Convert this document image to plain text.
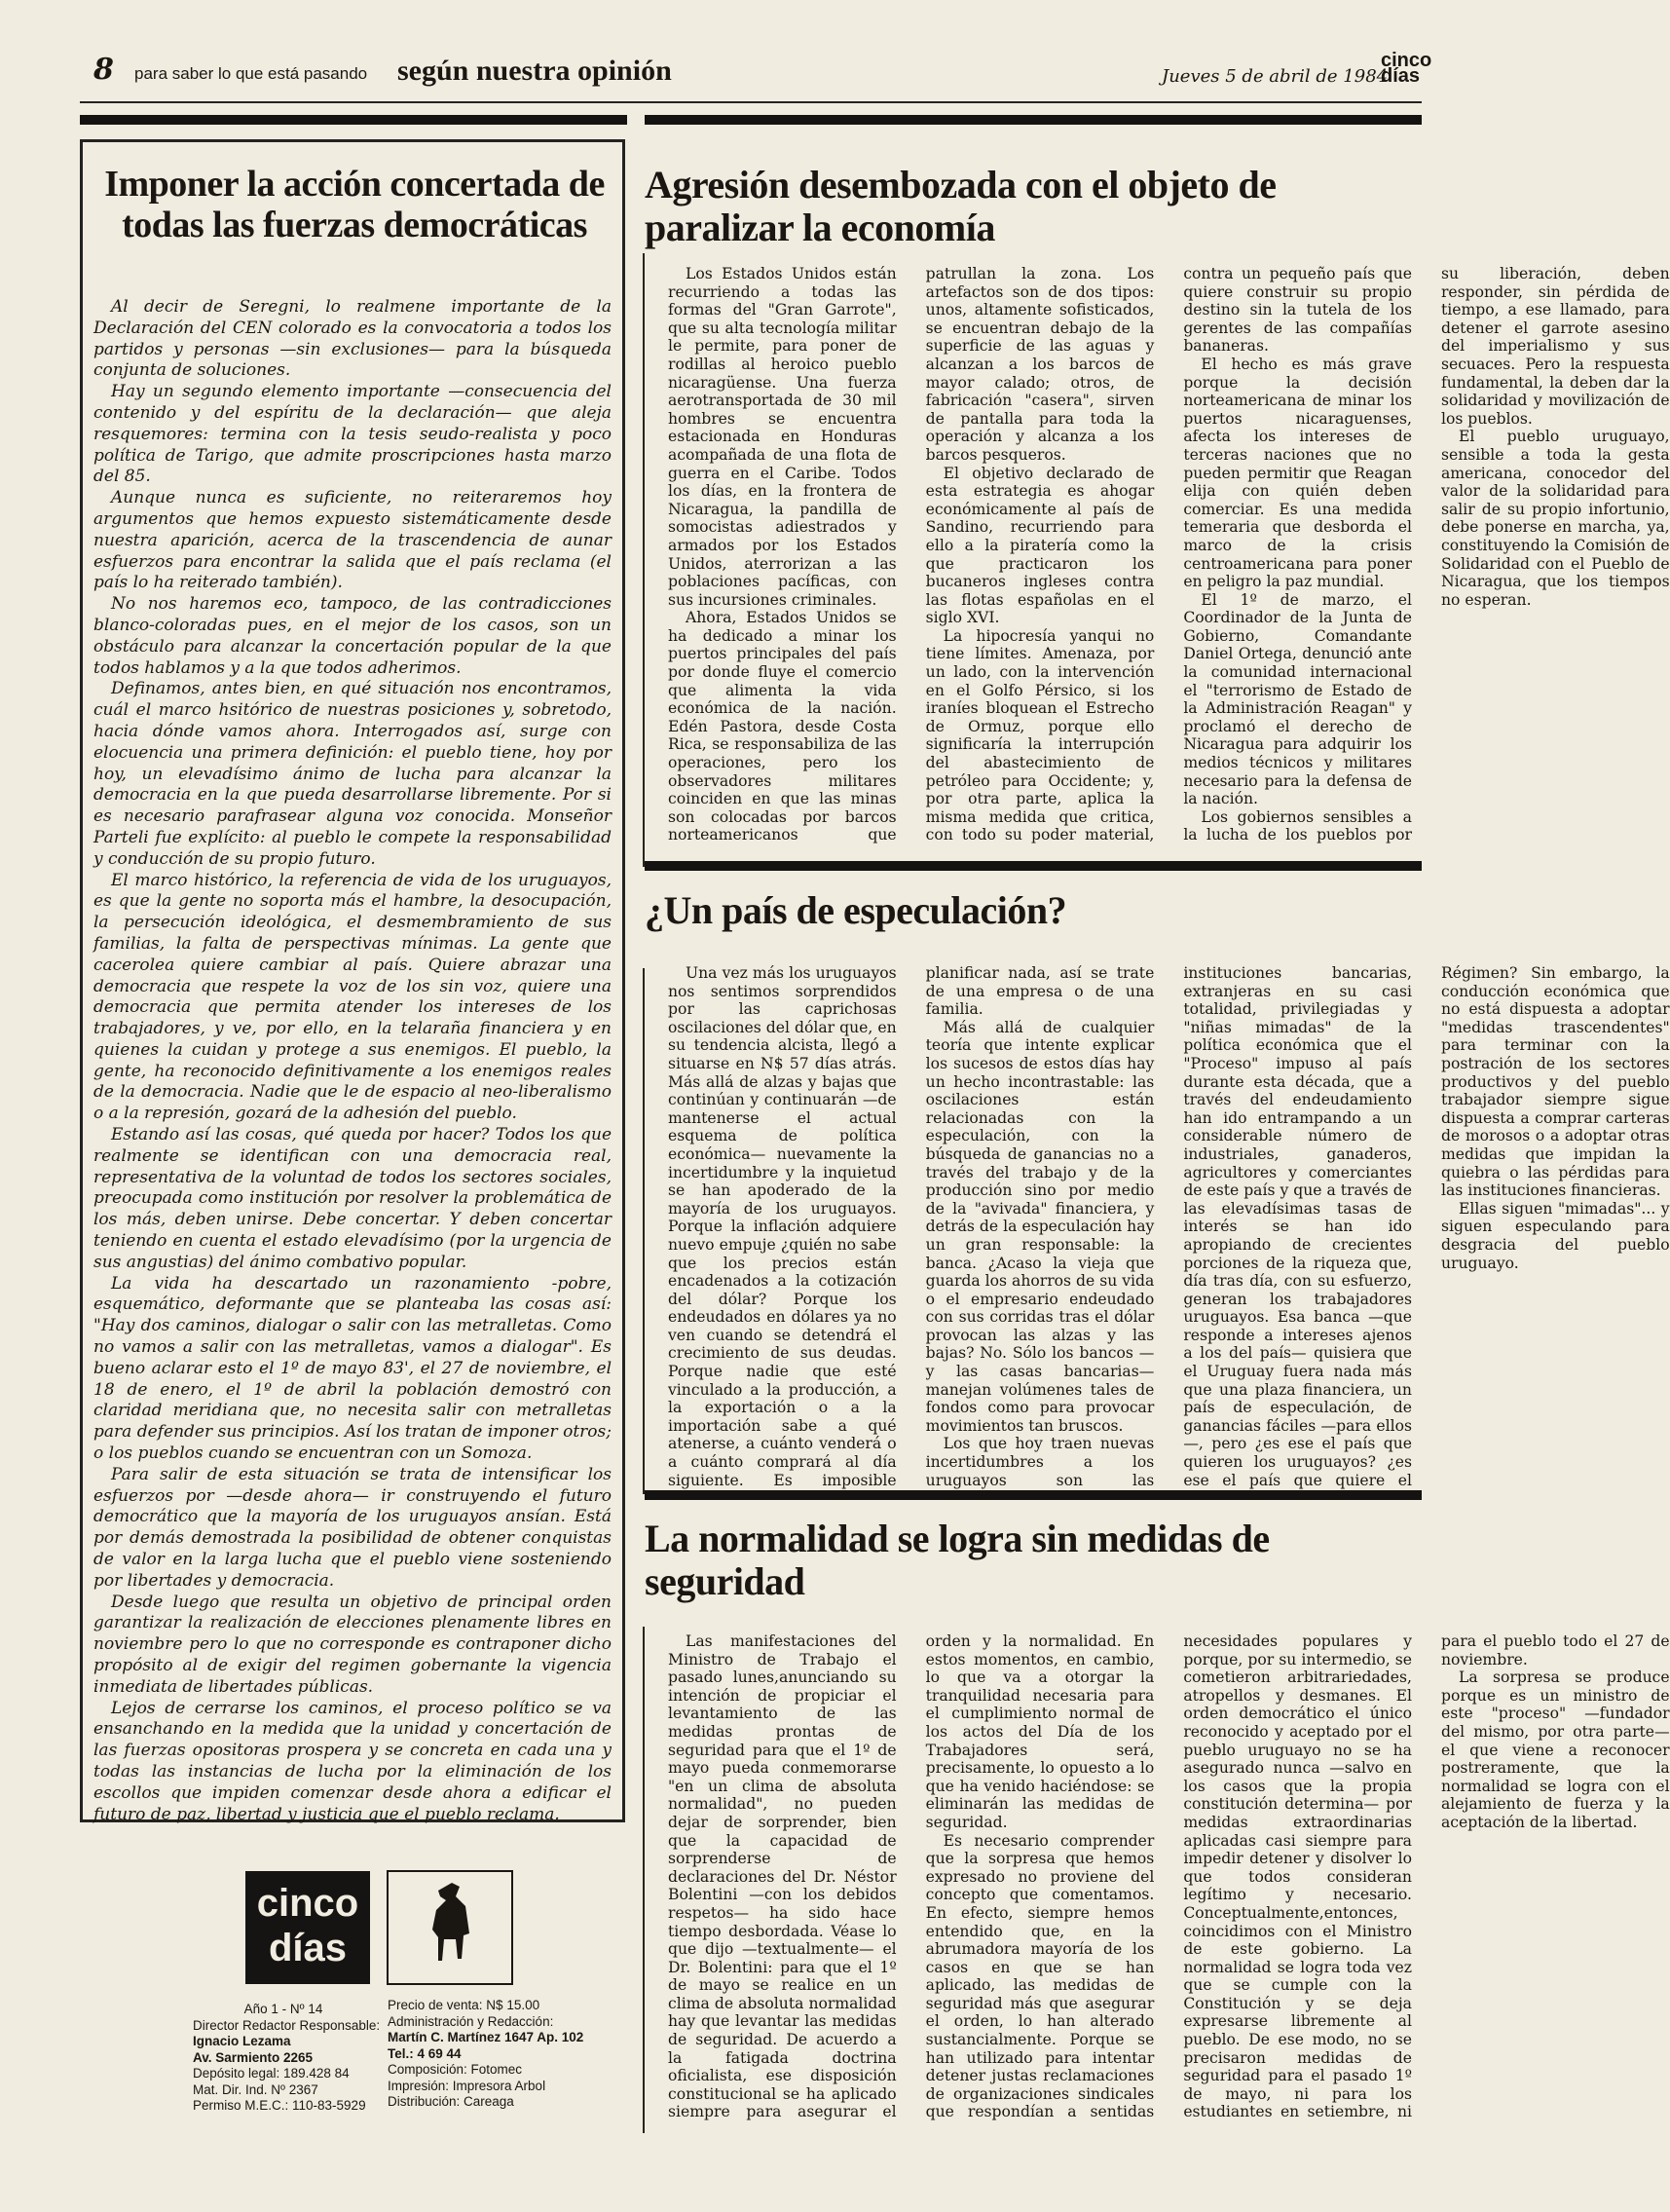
8 para saber lo que está pasando según nuestra opinión	Jueves 5 de abril de 1984
cinco días
Imponer la acción concertada de todas las fuerzas democráticas

Al decir de Seregni, lo realmene importante de la Declaración del CEN colorado es la convocatoria a todos los partidos y personas —sin exclusiones— para la búsqueda conjunta de soluciones.

Hay un segundo elemento importante —consecuencia del contenido y del espíritu de la declaración— que aleja resquemores: termina con la tesis seudo-realista y poco política de Tarigo, que admite proscripciones hasta marzo del 85.

Aunque nunca es suficiente, no reiteraremos hoy argumentos que hemos expuesto sistemáticamente desde nuestra aparición, acerca de la trascendencia de aunar esfuerzos para encontrar la salida que el país reclama (el país lo ha reiterado también).

No nos haremos eco, tampoco, de las contradicciones blanco-coloradas pues, en el mejor de los casos, son un obstáculo para alcanzar la concertación popular de la que todos hablamos y a la que todos adherimos.

Definamos, antes bien, en qué situación nos encontramos, cuál el marco hsitórico de nuestras posiciones y, sobretodo, hacia dónde vamos ahora. Interrogados así, surge con elocuencia una primera definición: el pueblo tiene, hoy por hoy, un elevadísimo ánimo de lucha para alcanzar la democracia en la que pueda desarrollarse libremente. Por si es necesario parafrasear alguna voz conocida. Monseñor Parteli fue explícito: al pueblo le compete la responsabilidad y conducción de su propio futuro.

El marco histórico, la referencia de vida de los uruguayos, es que la gente no soporta más el hambre, la desocupación, la persecución ideológica, el desmembramiento de sus familias, la falta de perspectivas mínimas. La gente que cacerolea quiere cambiar al país. Quiere abrazar una democracia que respete la voz de los sin voz, quiere una democracia que permita atender los intereses de los trabajadores, y ve, por ello, en la telaraña financiera y en quienes la cuidan y protege a sus enemigos. El pueblo, la gente, ha reconocido definitivamente a los enemigos reales de la democracia. Nadie que le de espacio al neo-liberalismo o a la represión, gozará de la adhesión del pueblo.

Estando así las cosas, qué queda por hacer? Todos los que realmente se identifican con una democracia real, representativa de la voluntad de todos los sectores sociales, preocupada como institución por resolver la problemática de los más, deben unirse. Debe concertar. Y deben concertar teniendo en cuenta el estado elevadísimo (por la urgencia de sus angustias) del ánimo combativo popular.

La vida ha descartado un razonamiento -pobre, esquemático, deformante que se planteaba las cosas así: "Hay dos caminos, dialogar o salir con las metralletas. Como no vamos a salir con las metralletas, vamos a dialogar". Es bueno aclarar esto el 1º de mayo 83', el 27 de noviembre, el 18 de enero, el 1º de abril la población demostró con claridad meridiana que, no necesita salir con metralletas para defender sus principios. Así los tratan de imponer otros; o los pueblos cuando se encuentran con un Somoza.

Para salir de esta situación se trata de intensificar los esfuerzos por —desde ahora— ir construyendo el futuro democrático que la mayoría de los uruguayos ansían. Está por demás demostrada la posibilidad de obtener conquistas de valor en la larga lucha que el pueblo viene sosteniendo por libertades y democracia.

Desde luego que resulta un objetivo de principal orden garantizar la realización de elecciones plenamente libres en noviembre pero lo que no corresponde es contraponer dicho propósito al de exigir del regimen gobernante la vigencia inmediata de libertades públicas.

Lejos de cerrarse los caminos, el proceso político se va ensanchando en la medida que la unidad y concertación de las fuerzas opositoras prospera y se concreta en cada una y todas las instancias de lucha por la eliminación de los escollos que impiden comenzar desde ahora a edificar el futuro de paz, libertad y justicia que el pueblo reclama.

Agresión desembozada con el objeto de paralizar la economía

Los Estados Unidos están recurriendo a todas las formas del "Gran Garrote", que su alta tecnología militar le permite, para poner de rodillas al heroico pueblo nicaragüense. Una fuerza aerotransportada de 30 mil hombres se encuentra estacionada en Honduras acompañada de una flota de guerra en el Caribe. Todos los días, en la frontera de Nicaragua, la pandilla de somocistas adiestrados y armados por los Estados Unidos, aterrorizan a las poblaciones pacíficas, con sus incursiones criminales.

Ahora, Estados Unidos se ha dedicado a minar los puertos principales del país por donde fluye el comercio que alimenta la vida económica de la nación. Edén Pastora, desde Costa Rica, se responsabiliza de las operaciones, pero los observadores militares coinciden en que las minas son colocadas por barcos norteamericanos que patrullan la zona. Los artefactos son de dos tipos: unos, altamente sofisticados, se encuentran debajo de la superficie de las aguas y alcanzan a los barcos de mayor calado; otros, de fabricación "casera", sirven de pantalla para toda la operación y alcanza a los barcos pesqueros.

El objetivo declarado de esta estrategia es ahogar económicamente al país de Sandino, recurriendo para ello a la piratería como la que practicaron los bucaneros ingleses contra las flotas españolas en el siglo XVI.

La hipocresía yanqui no tiene límites. Amenaza, por un lado, con la intervención en el Golfo Pérsico, si los iraníes bloquean el Estrecho de Ormuz, porque ello significaría la interrupción del abastecimiento de petróleo para Occidente; y, por otra parte, aplica la misma medida que critica, con todo su poder material, contra un pequeño país que quiere construir su propio destino sin la tutela de los gerentes de las compañías bananeras.

El hecho es más grave porque la decisión norteamericana de minar los puertos nicaraguenses, afecta los intereses de terceras naciones que no pueden permitir que Reagan elija con quién deben comerciar. Es una medida temeraria que desborda el marco de la crisis centroamericana para poner en peligro la paz mundial.

El 1º de marzo, el Coordinador de la Junta de Gobierno, Comandante Daniel Ortega, denunció ante la comunidad internacional el "terrorismo de Estado de la Administración Reagan" y proclamó el derecho de Nicaragua para adquirir los medios técnicos y militares necesario para la defensa de la nación.

Los gobiernos sensibles a la lucha de los pueblos por su liberación, deben responder, sin pérdida de tiempo, a ese llamado, para detener el garrote asesino del imperialismo y sus secuaces. Pero la respuesta fundamental, la deben dar la solidaridad y movilización de los pueblos.

El pueblo uruguayo, sensible a toda la gesta americana, conocedor del valor de la solidaridad para salir de su propio infortunio, debe ponerse en marcha, ya, constituyendo la Comisión de Solidaridad con el Pueblo de Nicaragua, que los tiempos no esperan.

¿Un país de especulación?

Una vez más los uruguayos nos sentimos sorprendidos por las caprichosas oscilaciones del dólar que, en su tendencia alcista, llegó a situarse en N$ 57 días atrás. Más allá de alzas y bajas que continúan y continuarán —de mantenerse el actual esquema de política económica— nuevamente la incertidumbre y la inquietud se han apoderado de la mayoría de los uruguayos. Porque la inflación adquiere nuevo empuje ¿quién no sabe que los precios están encadenados a la cotización del dólar? Porque los endeudados en dólares ya no ven cuando se detendrá el crecimiento de sus deudas. Porque nadie que esté vinculado a la producción, a la exportación o a la importación sabe a qué atenerse, a cuánto venderá o a cuánto comprará al día siguiente. Es imposible planificar nada, así se trate de una empresa o de una familia.

Más allá de cualquier teoría que intente explicar los sucesos de estos días hay un hecho incontrastable: las oscilaciones están relacionadas con la especulación, con la búsqueda de ganancias no a través del trabajo y de la producción sino por medio de la "avivada" financiera, y detrás de la especulación hay un gran responsable: la banca. ¿Acaso la vieja que guarda los ahorros de su vida o el empresario endeudado con sus corridas tras el dólar provocan las alzas y las bajas? No. Sólo los bancos —y las casas bancarias— manejan volúmenes tales de fondos como para provocar movimientos tan bruscos.

Los que hoy traen nuevas incertidumbres a los uruguayos son las instituciones bancarias, extranjeras en su casi totalidad, privilegiadas y "niñas mimadas" de la política económica que el "Proceso" impuso al país durante esta década, que a través del endeudamiento han ido entrampando a un considerable número de industriales, ganaderos, agricultores y comerciantes de este país y que a través de las elevadísimas tasas de interés se han ido apropiando de crecientes porciones de la riqueza que, día tras día, con su esfuerzo, generan los trabajadores uruguayos. Esa banca —que responde a intereses ajenos a los del país— quisiera que el Uruguay fuera nada más que una plaza financiera, un país de especulación, de ganancias fáciles —para ellos—, pero ¿es ese el país que quieren los uruguayos? ¿es ese el país que quiere el Régimen? Sin embargo, la conducción económica que no está dispuesta a adoptar "medidas trascendentes" para terminar con la postración de los sectores productivos y del pueblo trabajador siempre sigue dispuesta a comprar carteras de morosos o a adoptar otras medidas que impidan la quiebra o las pérdidas para las instituciones financieras.

Ellas siguen "mimadas"... y siguen especulando para desgracia del pueblo uruguayo.

La normalidad se logra sin medidas de seguridad

Las manifestaciones del Ministro de Trabajo el pasado lunes,anunciando su intención de propiciar el levantamiento de las medidas prontas de seguridad para que el 1º de mayo pueda conmemorarse "en un clima de absoluta normalidad", no pueden dejar de sorprender, bien que la capacidad de sorprenderse de declaraciones del Dr. Néstor Bolentini —con los debidos respetos— ha sido hace tiempo desbordada. Véase lo que dijo —textualmente— el Dr. Bolentini: para que el 1º de mayo se realice en un clima de absoluta normalidad hay que levantar las medidas de seguridad. De acuerdo a la fatigada doctrina oficialista, ese disposición constitucional se ha aplicado siempre para asegurar el orden y la normalidad. En estos momentos, en cambio, lo que va a otorgar la tranquilidad necesaria para el cumplimiento normal de los actos del Día de los Trabajadores será, precisamente, lo opuesto a lo que ha venido haciéndose: se eliminarán las medidas de seguridad.

Es necesario comprender que la sorpresa que hemos expresado no proviene del concepto que comentamos. En efecto, siempre hemos entendido que, en la abrumadora mayoría de los casos en que se han aplicado, las medidas de seguridad más que asegurar el orden, lo han alterado sustancialmente. Porque se han utilizado para intentar detener justas reclamaciones de organizaciones sindicales que respondían a sentidas necesidades populares y porque, por su intermedio, se cometieron arbitrariedades, atropellos y desmanes. El orden democrático el único reconocido y aceptado por el pueblo uruguayo no se ha asegurado nunca —salvo en los casos que la propia constitución determina— por medidas extraordinarias aplicadas casi siempre para impedir detener y disolver lo que todos consideran legítimo y necesario. Conceptualmente,entonces, coincidimos con el Ministro de este gobierno. La normalidad se logra toda vez que se cumple con la Constitución y se deja expresarse libremente al pueblo. De ese modo, no se precisaron medidas de seguridad para el pasado 1º de mayo, ni para los estudiantes en setiembre, ni para el pueblo todo el 27 de noviembre.

La sorpresa se produce porque es un ministro de este "proceso" —fundador del mismo, por otra parte— el que viene a reconocer postreramente, que la normalidad se logra con el alejamiento de fuerza y la aceptación de la libertad.

cinco
días
Año 1 - Nº 14
Director Redactor Responsable:
Ignacio Lezama
Av. Sarmiento 2265
Depósito legal: 189.428 84
Mat. Dir. Ind. Nº 2367
Permiso M.E.C.: 110-83-5929
Precio de venta: N$ 15.00
Administración y Redacción:
Martín C. Martínez 1647 Ap. 102
Tel.: 4 69 44
Composición: Fotomec
Impresión: Impresora Arbol
Distribución: Careaga
